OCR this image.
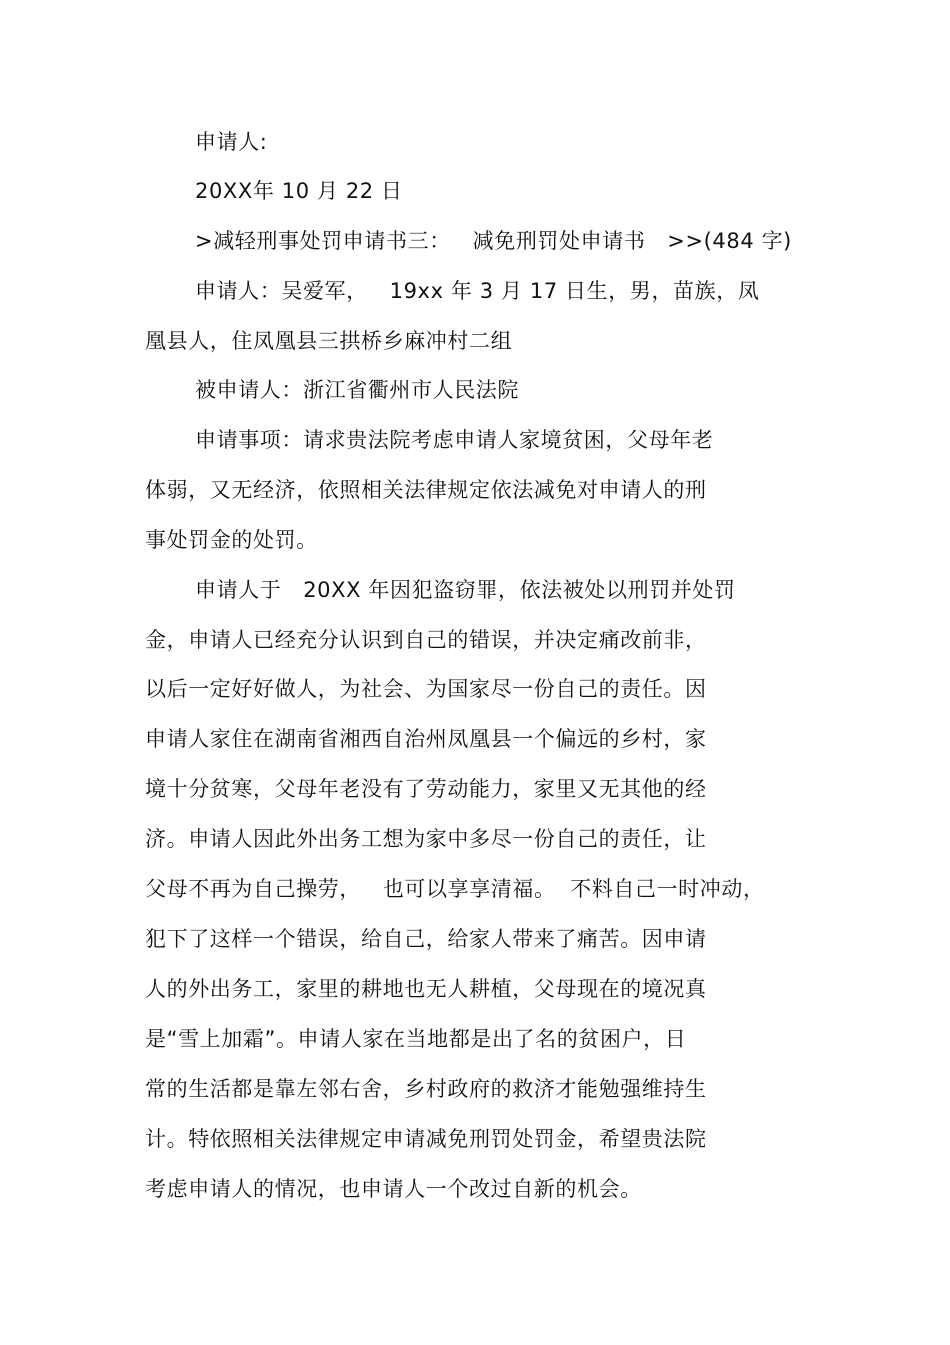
申请人:
20XX年 10 月 22 日
>减轻刑事处罚申请书三：   减免刑罚处申请书   >>(484 字)
申请人：吴爱军，   19xx 年 3 月 17 日生，男，苗族，凤
凰县人，住凤凰县三拱桥乡麻冲村二组
被申请人：浙江省衢州市人民法院
申请事项：请求贵法院考虑申请人家境贫困，父母年老
体弱，又无经济，依照相关法律规定依法减免对申请人的刑
事处罚金的处罚。
申请人于   20XX 年因犯盗窃罪，依法被处以刑罚并处罚
金，申请人已经充分认识到自己的错误，并决定痛改前非，
以后一定好好做人，为社会、为国家尽一份自己的责任。因
申请人家住在湖南省湘西自治州凤凰县一个偏远的乡村，家
境十分贫寒，父母年老没有了劳动能力，家里又无其他的经
济。申请人因此外出务工想为家中多尽一份自己的责任，让
父母不再为自己操劳，   也可以享享清福。  不料自己一时冲动，
犯下了这样一个错误，给自己，给家人带来了痛苦。因申请
人的外出务工，家里的耕地也无人耕植，父母现在的境况真
是“雪上加霜”。申请人家在当地都是出了名的贫困户，日
常的生活都是靠左邻右舍，乡村政府的救济才能勉强维持生
计。特依照相关法律规定申请减免刑罚处罚金，希望贵法院
考虑申请人的情况，也申请人一个改过自新的机会。
